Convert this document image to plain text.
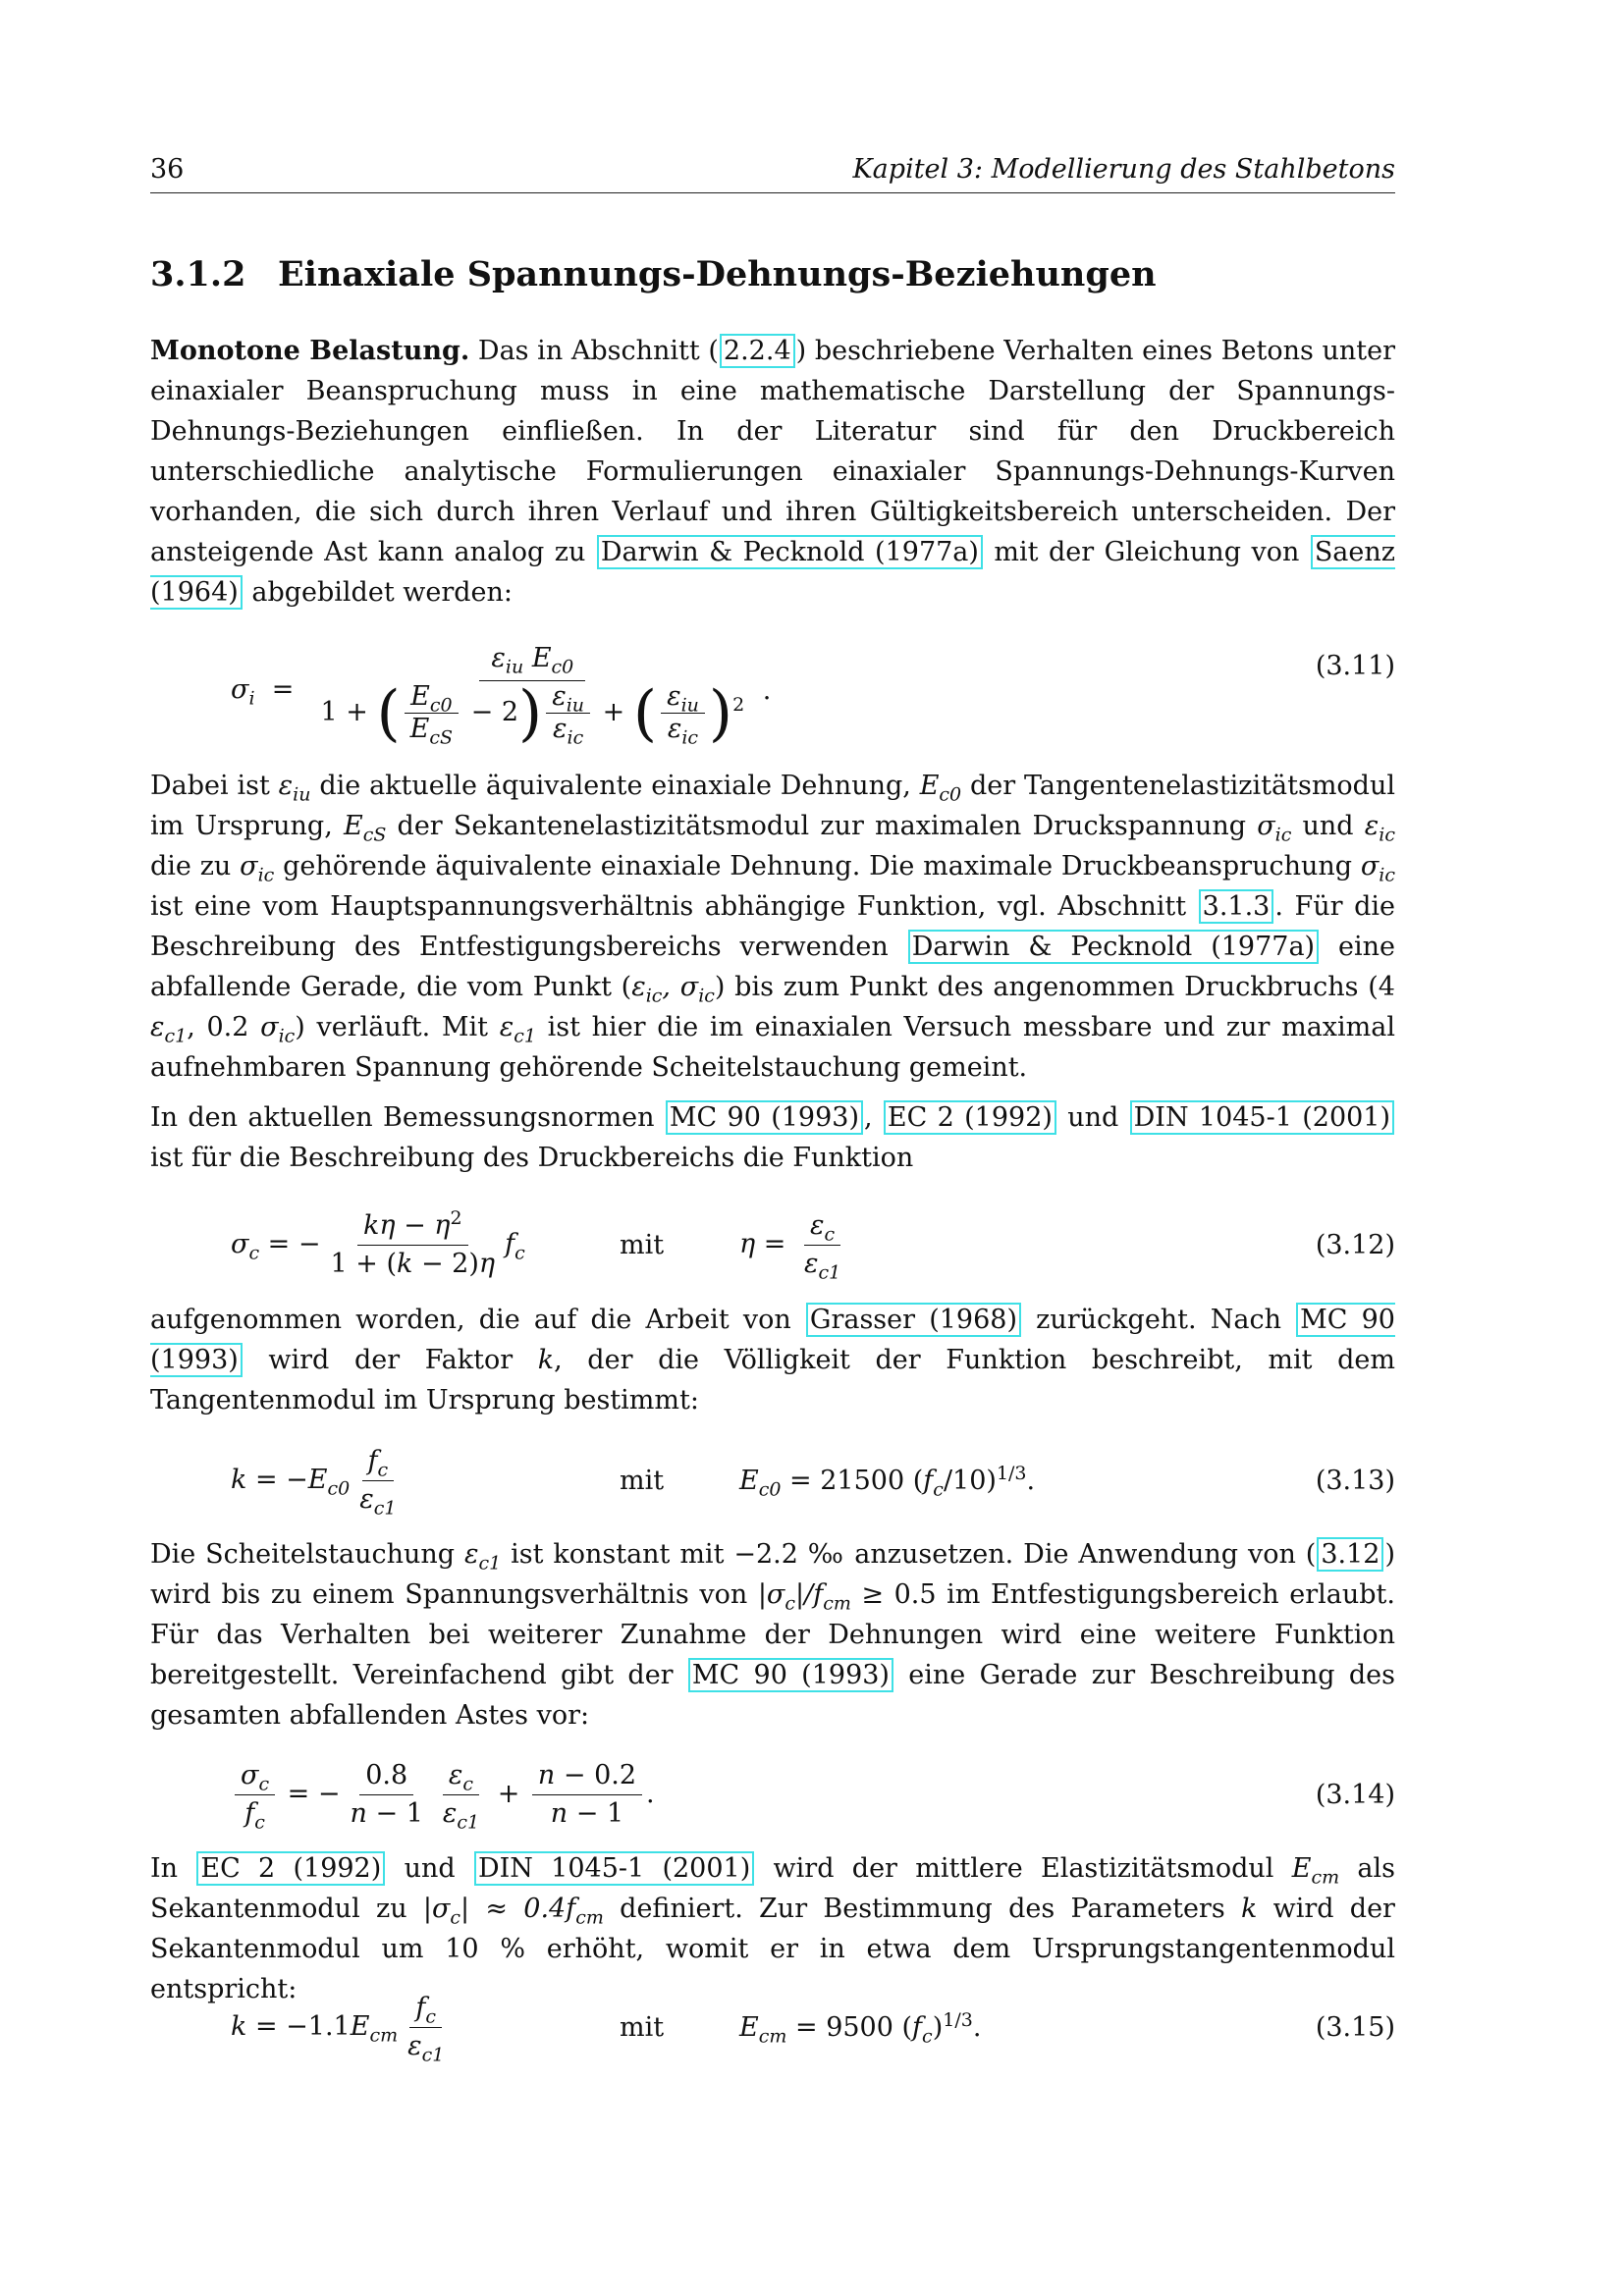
36	Kapitel 3: Modellierung des Stahlbetons
3.1.2 Einaxiale Spannungs-Dehnungs-Beziehungen
Monotone Belastung. Das in Abschnitt ( 2.2.4 ) beschriebene Verhalten eines Betons unter einaxialer Beanspruchung muss in eine mathematische Darstellung der Spannungs-Dehnungs-Beziehungen einfließen. In der Literatur sind für den Druckbereich unterschiedliche analytische Formulierungen einaxialer Spannungs-Dehnungs-Kurven vorhanden, die sich durch ihren Verlauf und ihren Gültigkeitsbereich unterscheiden. Der ansteigende Ast kann analog zu Darwin & Pecknold (1977a) mit der Gleichung von Saenz (1964) abgebildet werden:
$\sigma_i = \frac{\varepsilon_{iu} E_{c0}}{1 + ( \frac{E_{c0}}{E_{cS}} - 2) \frac{\varepsilon_{iu}}{\varepsilon_{ic}} + ( \frac{\varepsilon_{iu}}{\varepsilon_{ic}} )^2}$ .
(3.11)
Dabei ist $\varepsilon_{iu}$ die aktuelle äquivalente einaxiale Dehnung, $E_{c0}$ der Tangentenelastizitätsmodul im Ursprung, $E_{cS}$ der Sekantenelastizitätsmodul zur maximalen Druckspannung $\sigma_{ic}$ und $\varepsilon_{ic}$ die zu $\sigma_{ic}$ gehörende äquivalente einaxiale Dehnung. Die maximale Druckbeanspruchung $\sigma_{ic}$ ist eine vom Hauptspannungsverhältnis abhängige Funktion, vgl. Abschnitt 3.1.3 . Für die Beschreibung des Entfestigungsbereichs verwenden Darwin & Pecknold (1977a) eine abfallende Gerade, die vom Punkt ($\varepsilon_{ic}$, $\sigma_{ic}$) bis zum Punkt des angenommen Druckbruchs (4 $\varepsilon_{c1}$, 0.2 $\sigma_{ic}$) verläuft. Mit $\varepsilon_{c1}$ ist hier die im einaxialen Versuch messbare und zur maximal aufnehmbaren Spannung gehörende Scheitelstauchung gemeint.
In den aktuellen Bemessungsnormen MC 90 (1993) , EC 2 (1992) und DIN 1045-1 (2001) ist für die Beschreibung des Druckbereichs die Funktion
$\sigma_c$ = − $\frac{k\eta - \eta^2}{1 + (k - 2)\eta} f_c$	mit	$\eta = \frac{\varepsilon_c}{\varepsilon_{c1}}$	(3.12)
aufgenommen worden, die auf die Arbeit von Grasser (1968) zurückgeht. Nach MC 90 (1993) wird der Faktor k, der die Völligkeit der Funktion beschreibt, mit dem Tangentenmodul im Ursprung bestimmt:
$k = -E_{c0} \frac{f_c}{\varepsilon_{c1}}$	mit	$E_{c0} = 21500$ $(f_c/10)^{1/3}$.	(3.13)
Die Scheitelstauchung $\varepsilon_{c1}$ ist konstant mit −2.2 ‰ anzusetzen. Die Anwendung von ( 3.12 ) wird bis zu einem Spannungsverhältnis von $|\sigma_c|/f_{cm} \ge 0.5$ im Entfestigungsbereich erlaubt. Für das Verhalten bei weiterer Zunahme der Dehnungen wird eine weitere Funktion bereitgestellt. Vereinfachend gibt der MC 90 (1993) eine Gerade zur Beschreibung des gesamten abfallenden Astes vor:
$\frac{\sigma_c}{f_c}$ = − $\frac{0.8}{n - 1} \frac{\varepsilon_c}{\varepsilon_{c1}} + \frac{n - 0.2}{n - 1}$ .	(3.14)
In EC 2 (1992) und DIN 1045-1 (2001) wird der mittlere Elastizitätsmodul $E_{cm}$ als Sekantenmodul zu $|\sigma_c| \approx 0.4f_{cm}$ definiert. Zur Bestimmung des Parameters k wird der Sekantenmodul um 10 % erhöht, womit er in etwa dem Ursprungstangentenmodul entspricht:
$k = -1.1E_{cm} \frac{f_c}{\varepsilon_{c1}}$	mit	$E_{cm} = 9500$ $(f_c)^{1/3}$.	(3.15)
